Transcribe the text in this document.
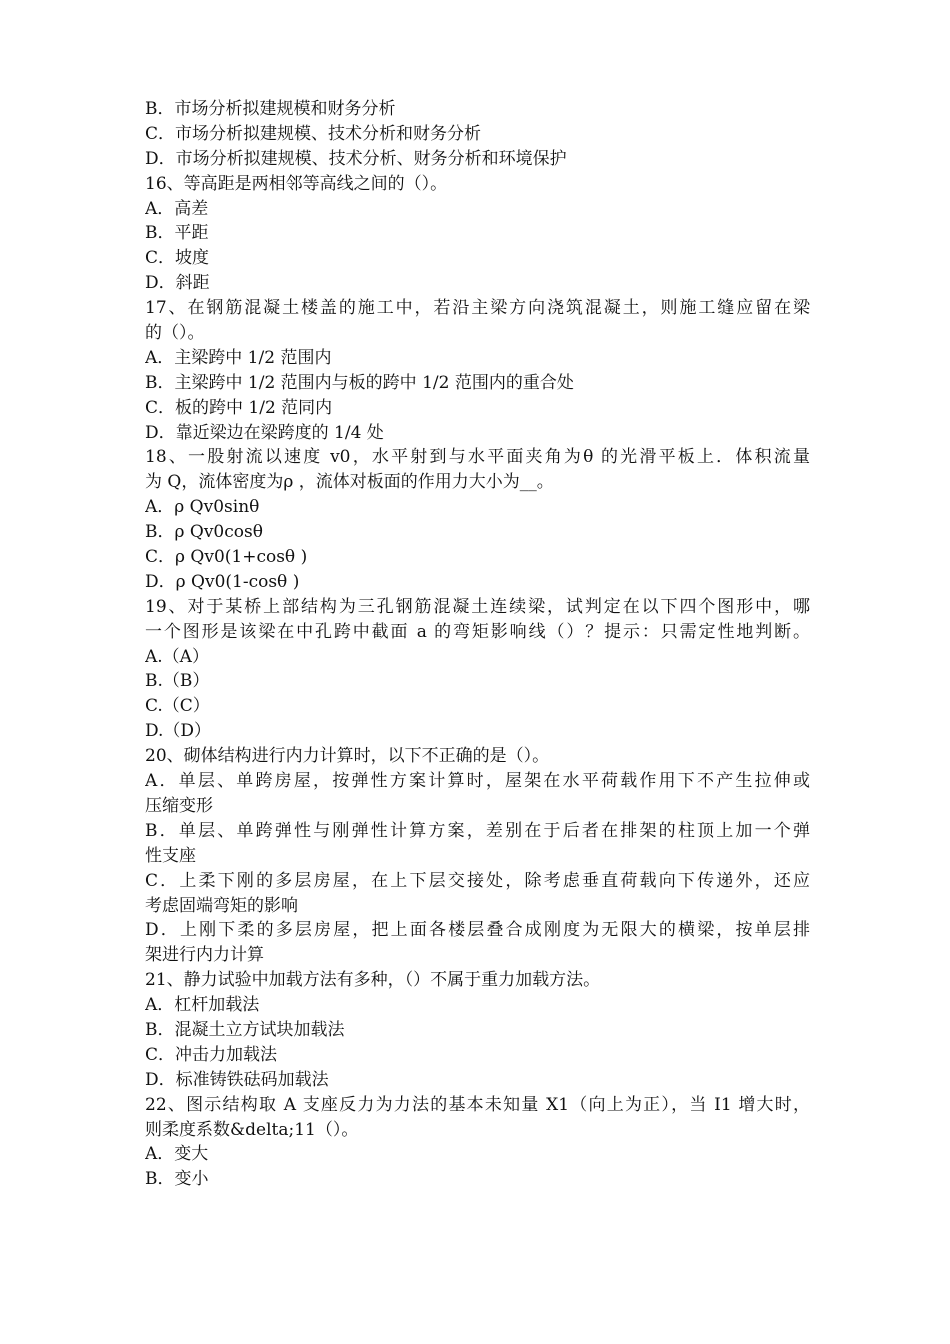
B．市场分析拟建规模和财务分析

C．市场分析拟建规模、技术分析和财务分析

D．市场分析拟建规模、技术分析、财务分析和环境保护

16、等高距是两相邻等高线之间的（）。

A．高差

B．平距

C．坡度

D．斜距

17、在钢筋混凝土楼盖的施工中，若沿主梁方向浇筑混凝土，则施工缝应留在梁

的（）。

A．主梁跨中 1/2 范围内

B．主梁跨中 1/2 范围内与板的跨中 1/2 范围内的重合处

C．板的跨中 1/2 范同内

D．靠近梁边在梁跨度的 1/4 处

18、一股射流以速度 v0，水平射到与水平面夹角为θ 的光滑平板上．体积流量

为 Q，流体密度为ρ ，流体对板面的作用力大小为__。

A．ρ Qv0sinθ

B．ρ Qv0cosθ

C．ρ Qv0(1+cosθ )

D．ρ Qv0(1-cosθ )

19、对于某桥上部结构为三孔钢筋混凝土连续梁，试判定在以下四个图形中，哪

一个图形是该梁在中孔跨中截面 a 的弯矩影响线（）？提示：只需定性地判断。

A.（A）

B.（B）

C.（C）

D.（D）

20、砌体结构进行内力计算时，以下不正确的是（）。

A．单层、单跨房屋，按弹性方案计算时，屋架在水平荷载作用下不产生拉伸或

压缩变形

B．单层、单跨弹性与刚弹性计算方案，差别在于后者在排架的柱顶上加一个弹

性支座

C．上柔下刚的多层房屋，在上下层交接处，除考虑垂直荷载向下传递外，还应

考虑固端弯矩的影响

D．上刚下柔的多层房屋，把上面各楼层叠合成刚度为无限大的横梁，按单层排

架进行内力计算

21、静力试验中加载方法有多种，（）不属于重力加载方法。

A．杠杆加载法

B．混凝土立方试块加载法

C．冲击力加载法

D．标准铸铁砝码加载法

22、图示结构取 A 支座反力为力法的基本未知量 X1（向上为正），当 I1 增大时，

则柔度系数&delta;11（）。

A．变大

B．变小
